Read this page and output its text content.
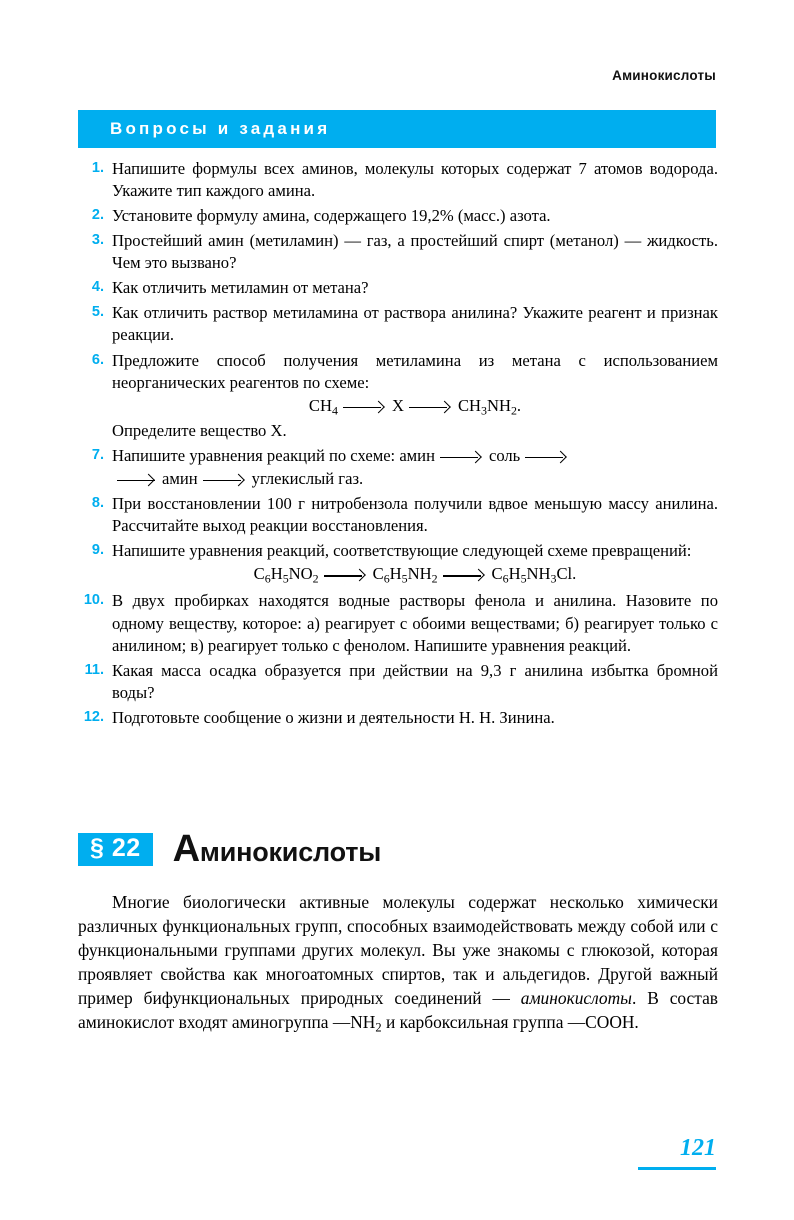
Аминокислоты
Вопросы и задания
1. Напишите формулы всех аминов, молекулы которых содержат 7 атомов водорода. Укажите тип каждого амина.

2. Установите формулу амина, содержащего 19,2% (масс.) азота.

3. Простейший амин (метиламин) — газ, а простейший спирт (метанол) — жидкость. Чем это вызвано?

4. Как отличить метиламин от метана?

5. Как отличить раствор метиламина от раствора анилина? Укажите реагент и признак реакции.

6. Предложите способ получения метиламина из метана с использованием неорганических реагентов по схеме:

$CH_4$	X	$CH_3NH_2$.

Определите вещество X.

7. Напишите уравнения реакций по схеме: амин	соль

амин	углекислый газ.

8. При восстановлении 100 г нитробензола получили вдвое меньшую массу анилина. Рассчитайте выход реакции восстановления.

9. Напишите уравнения реакций, соответствующие следующей схеме превращений:

$C_6H_5NO_2$	$C_6H_5NH_2$	$C_6H_5NH_3Cl$.

10. В двух пробирках находятся водные растворы фенола и анилина. Назовите по одному веществу, которое: а) реагирует с обоими веществами; б) реагирует только с анилином; в) реагирует только с фенолом. Напишите уравнения реакций.

11. Какая масса осадка образуется при действии на 9,3 г анилина избытка бромной воды?

12. Подготовьте сообщение о жизни и деятельности Н. Н. Зинина.

§ 22 Аминокислоты

Многие биологически активные молекулы содержат несколько химически различных функциональных групп, способных взаимодействовать между собой или с функциональными группами других молекул. Вы уже знакомы с глюкозой, которая проявляет свойства как многоатомных спиртов, так и альдегидов. Другой важный пример бифункциональных природных соединений — аминокислоты. В состав аминокислот входят аминогруппа $—NH_2$ и карбоксильная группа —COOH.

121
